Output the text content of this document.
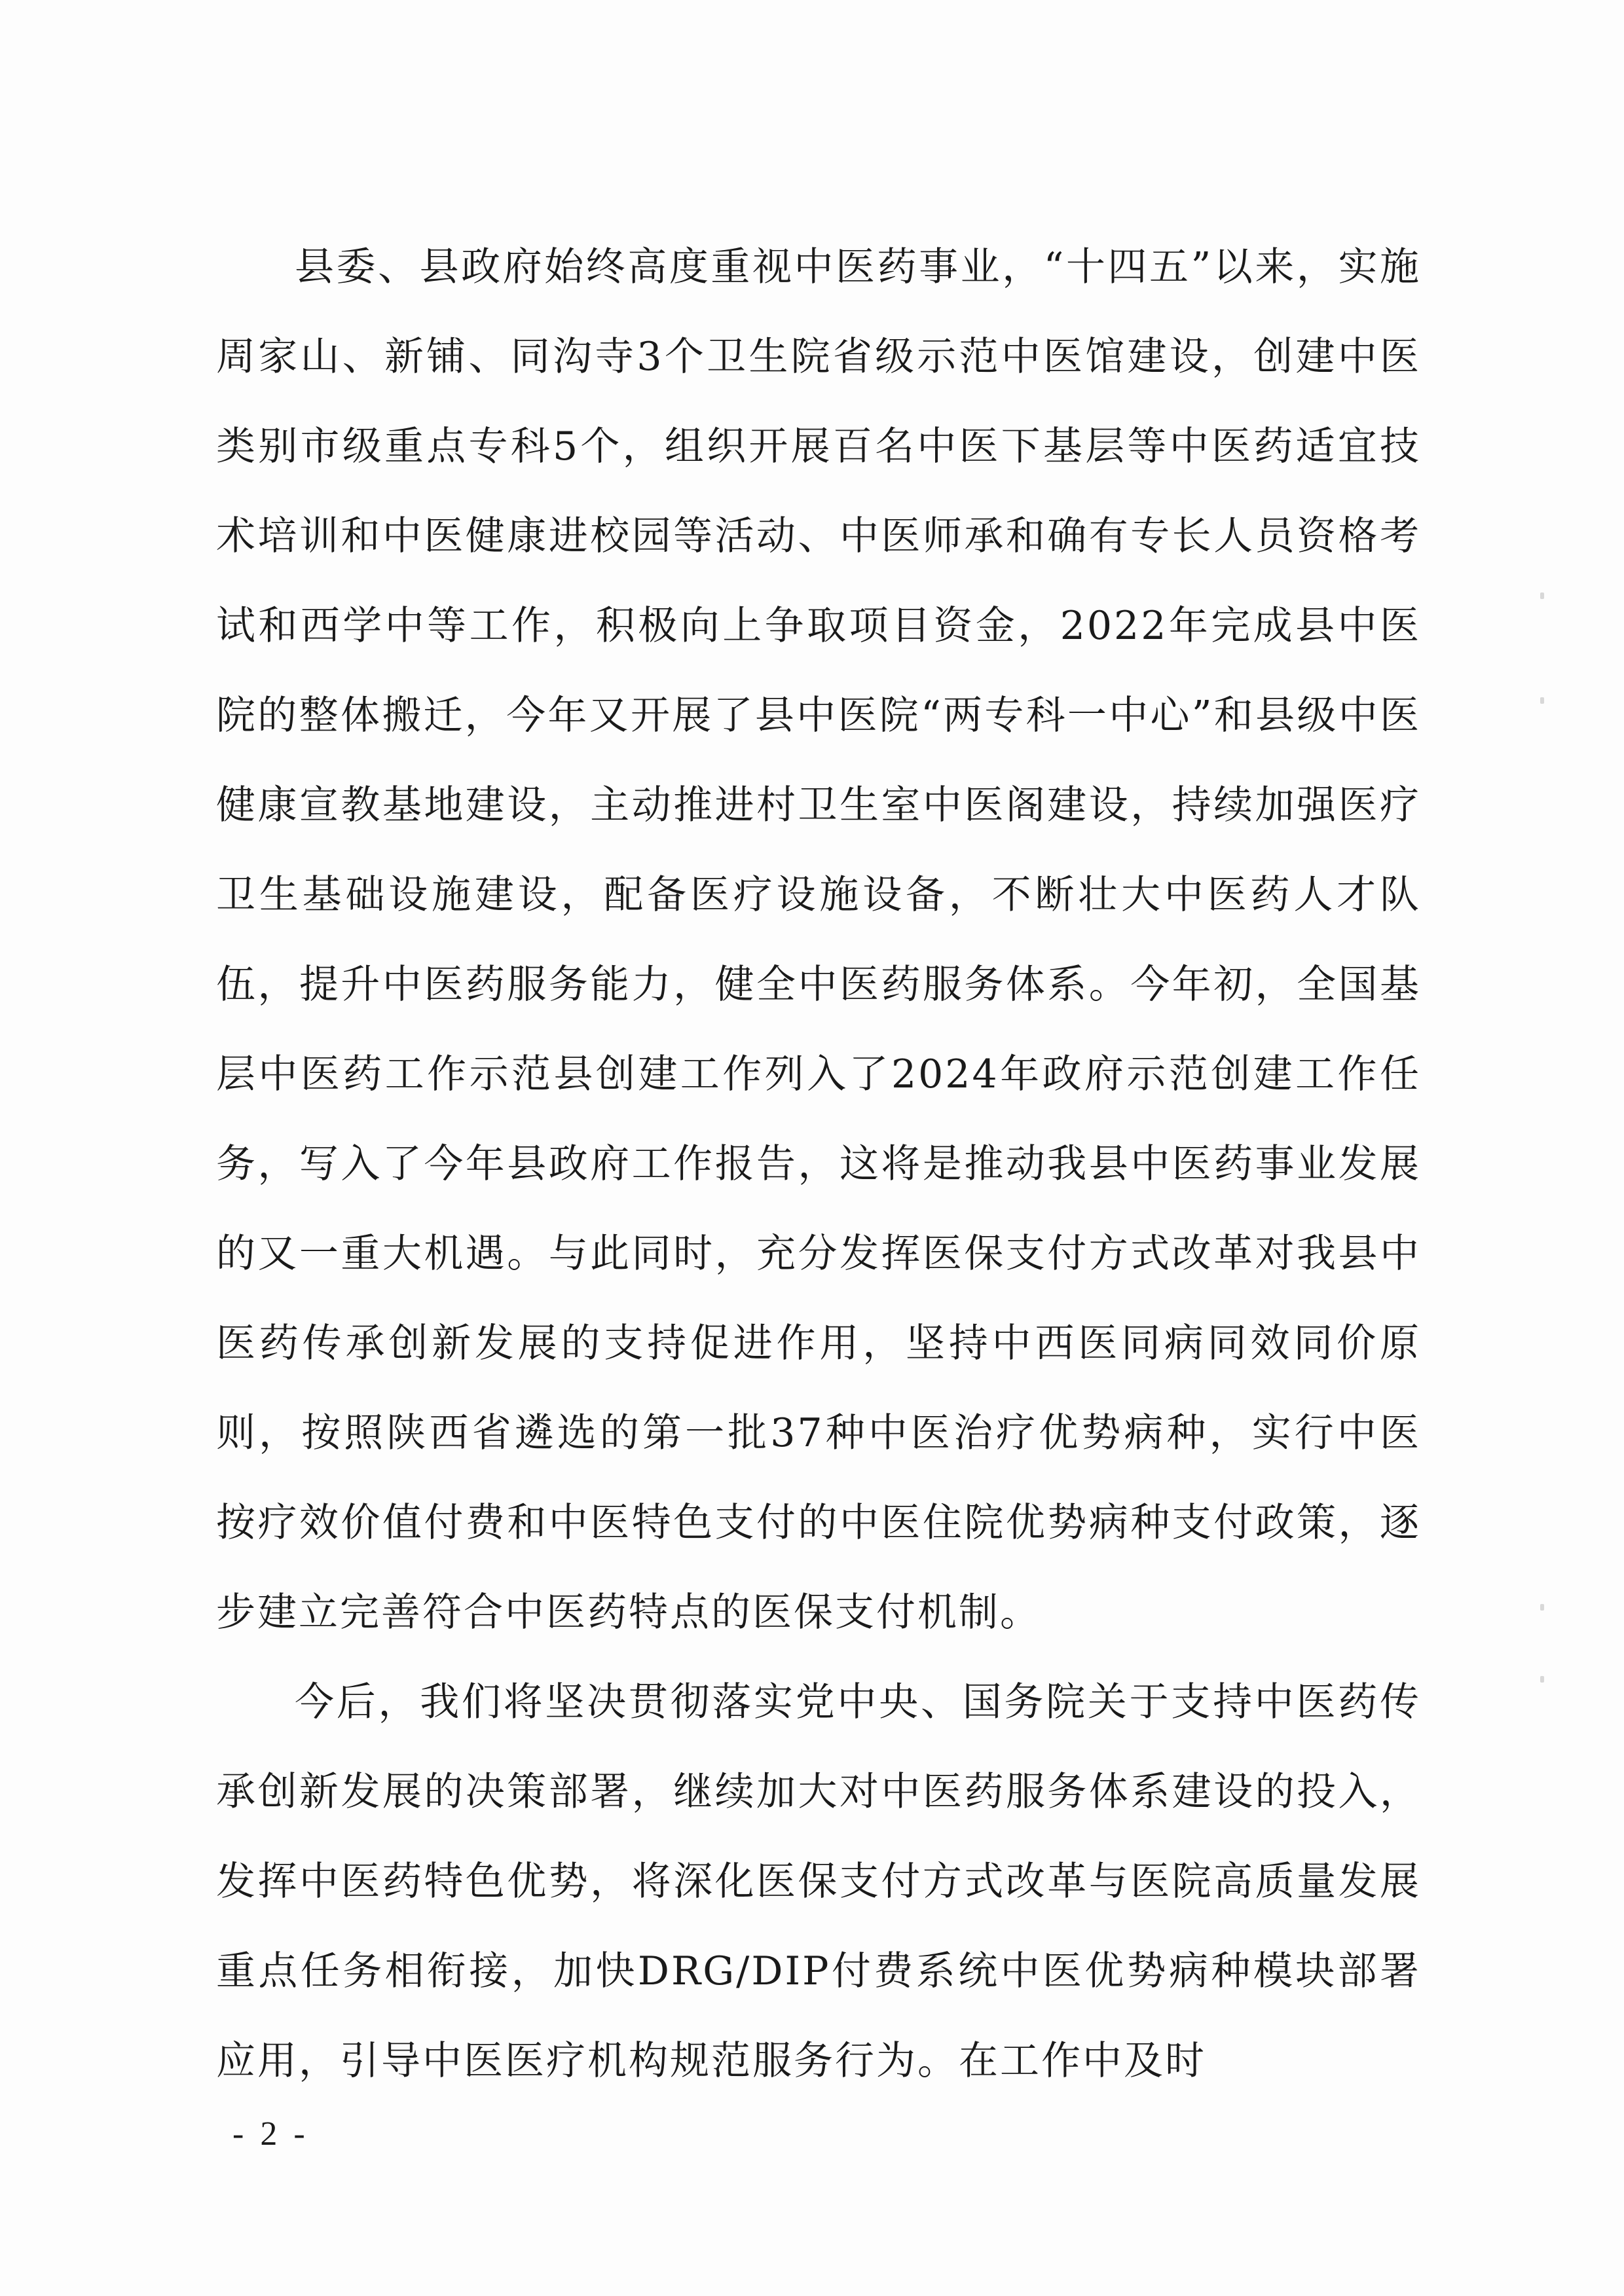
县委、县政府始终高度重视中医药事业，“十四五”以来，实施周家山、新铺、同沟寺3个卫生院省级示范中医馆建设，创建中医类别市级重点专科5个，组织开展百名中医下基层等中医药适宜技术培训和中医健康进校园等活动、中医师承和确有专长人员资格考试和西学中等工作，积极向上争取项目资金，2022年完成县中医院的整体搬迁，今年又开展了县中医院“两专科一中心”和县级中医健康宣教基地建设，主动推进村卫生室中医阁建设，持续加强医疗卫生基础设施建设，配备医疗设施设备，不断壮大中医药人才队伍，提升中医药服务能力，健全中医药服务体系。今年初，全国基层中医药工作示范县创建工作列入了2024年政府示范创建工作任务，写入了今年县政府工作报告，这将是推动我县中医药事业发展的又一重大机遇。与此同时，充分发挥医保支付方式改革对我县中医药传承创新发展的支持促进作用，坚持中西医同病同效同价原则，按照陕西省遴选的第一批37种中医治疗优势病种，实行中医按疗效价值付费和中医特色支付的中医住院优势病种支付政策，逐步建立完善符合中医药特点的医保支付机制。

今后，我们将坚决贯彻落实党中央、国务院关于支持中医药传承创新发展的决策部署，继续加大对中医药服务体系建设的投入，发挥中医药特色优势，将深化医保支付方式改革与医院高质量发展重点任务相衔接，加快DRG/DIP付费系统中医优势病种模块部署应用，引导中医医疗机构规范服务行为。在工作中及时

- 2 -
